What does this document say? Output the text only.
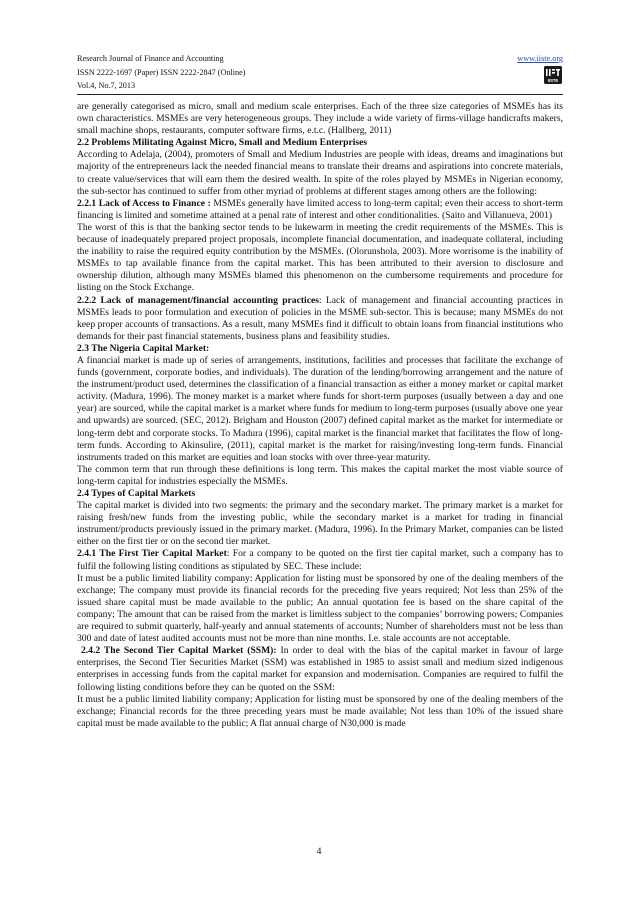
Research Journal of Finance and Accounting
ISSN 2222-1697 (Paper) ISSN 2222-2847 (Online)
Vol.4, No.7, 2013
www.iiste.org
IISTE

are generally categorised as micro, small and medium scale enterprises. Each of the three size categories of MSMEs has its own characteristics. MSMEs are very heterogeneous groups. They include a wide variety of firms-village handicrafts makers, small machine shops, restaurants, computer software firms, e.t.c. (Hallberg, 2011)

2.2 Problems Militating Against Micro, Small and Medium Enterprises

According to Adelaja, (2004), promoters of Small and Medium Industries are people with ideas, dreams and imaginations but majority of the entrepreneurs lack the needed financial means to translate their dreams and aspirations into concrete materials, to create value/services that will earn them the desired wealth. In spite of the roles played by MSMEs in Nigerian economy, the sub-sector has continued to suffer from other myriad of problems at different stages among others are the following:

2.2.1 Lack of Access to Finance : MSMEs generally have limited access to long-term capital; even their access to short-term financing is limited and sometime attained at a penal rate of interest and other conditionalities. (Saito and Villanueva, 2001)

The worst of this is that the banking sector tends to be lukewarm in meeting the credit requirements of the MSMEs. This is because of inadequately prepared project proposals, incomplete financial documentation, and inadequate collateral, including the inability to raise the required equity contribution by the MSMEs. (Olorunshola, 2003). More worrisome is the inability of MSMEs to tap available finance from the capital market. This has been attributed to their aversion to disclosure and ownership dilution, although many MSMEs blamed this phenomenon on the cumbersome requirements and procedure for listing on the Stock Exchange.

2.2.2 Lack of management/financial accounting practices: Lack of management and financial accounting practices in MSMEs leads to poor formulation and execution of policies in the MSME sub-sector. This is because; many MSMEs do not keep proper accounts of transactions. As a result, many MSMEs find it difficult to obtain loans from financial institutions who demands for their past financial statements, business plans and feasibility studies.

2.3 The Nigeria Capital Market:

A financial market is made up of series of arrangements, institutions, facilities and processes that facilitate the exchange of funds (government, corporate bodies, and individuals). The duration of the lending/borrowing arrangement and the nature of the instrument/product used, determines the classification of a financial transaction as either a money market or capital market activity. (Madura, 1996). The money market is a market where funds for short-term purposes (usually between a day and one year) are sourced, while the capital market is a market where funds for medium to long-term purposes (usually above one year and upwards) are sourced. (SEC, 2012). Brigham and Houston (2007) defined capital market as the market for intermediate or long-term debt and corporate stocks. To Madura (1996), capital market is the financial market that facilitates the flow of long-term funds. According to Akinsulire, (2011), capital market is the market for raising/investing long-term funds. Financial instruments traded on this market are equities and loan stocks with over three-year maturity.

The common term that run through these definitions is long term. This makes the capital market the most viable source of long-term capital for industries especially the MSMEs.

2.4 Types of Capital Markets

The capital market is divided into two segments: the primary and the secondary market. The primary market is a market for raising fresh/new funds from the investing public, while the secondary market is a market for trading in financial instrument/products previously issued in the primary market. (Madura, 1996). In the Primary Market, companies can be listed either on the first tier or on the second tier market.

2.4.1 The First Tier Capital Market: For a company to be quoted on the first tier capital market, such a company has to fulfil the following listing conditions as stipulated by SEC. These include:

It must be a public limited liability company: Application for listing must be sponsored by one of the dealing members of the exchange; The company must provide its financial records for the preceding five years required; Not less than 25% of the issued share capital must be made available to the public; An annual quotation fee is based on the share capital of the company; The amount that can be raised from the market is limitless subject to the companies’ borrowing powers; Companies are required to submit quarterly, half-yearly and annual statements of accounts; Number of shareholders must not be less than 300 and date of latest audited accounts must not be more than nine months. I.e. stale accounts are not acceptable.

2.4.2 The Second Tier Capital Market (SSM): In order to deal with the bias of the capital market in favour of large enterprises, the Second Tier Securities Market (SSM) was established in 1985 to assist small and medium sized indigenous enterprises in accessing funds from the capital market for expansion and modernisation. Companies are required to fulfil the following listing conditions before they can be quoted on the SSM:

It must be a public limited liability company; Application for listing must be sponsored by one of the dealing members of the exchange; Financial records for the three preceding years must be made available; Not less than 10% of the issued share capital must be made available to the public; A flat annual charge of N30,000 is made

4
